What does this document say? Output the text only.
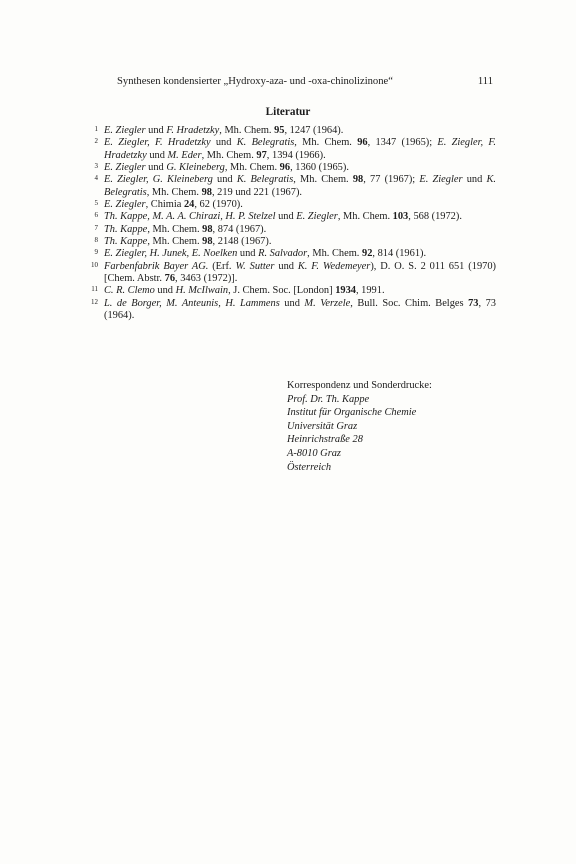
Synthesen kondensierter „Hydroxy-aza- und -oxa-chinolizinone“	111
Literatur
1 E. Ziegler und F. Hradetzky, Mh. Chem. 95, 1247 (1964).
2 E. Ziegler, F. Hradetzky und K. Belegratis, Mh. Chem. 96, 1347 (1965); E. Ziegler, F. Hradetzky und M. Eder, Mh. Chem. 97, 1394 (1966).
3 E. Ziegler und G. Kleineberg, Mh. Chem. 96, 1360 (1965).
4 E. Ziegler, G. Kleineberg und K. Belegratis, Mh. Chem. 98, 77 (1967); E. Ziegler und K. Belegratis, Mh. Chem. 98, 219 und 221 (1967).
5 E. Ziegler, Chimia 24, 62 (1970).
6 Th. Kappe, M. A. A. Chirazi, H. P. Stelzel und E. Ziegler, Mh. Chem. 103, 568 (1972).
7 Th. Kappe, Mh. Chem. 98, 874 (1967).
8 Th. Kappe, Mh. Chem. 98, 2148 (1967).
9 E. Ziegler, H. Junek, E. Noelken und R. Salvador, Mh. Chem. 92, 814 (1961).
10 Farbenfabrik Bayer AG. (Erf. W. Sutter und K. F. Wedemeyer), D. O. S. 2 011 651 (1970) [Chem. Abstr. 76, 3463 (1972)].
11 C. R. Clemo und H. McIlwain, J. Chem. Soc. [London] 1934, 1991.
12 L. de Borger, M. Anteunis, H. Lammens und M. Verzele, Bull. Soc. Chim. Belges 73, 73 (1964).
Korrespondenz und Sonderdrucke:
Prof. Dr. Th. Kappe
Institut für Organische Chemie
Universität Graz
Heinrichstraße 28
A-8010 Graz
Österreich
